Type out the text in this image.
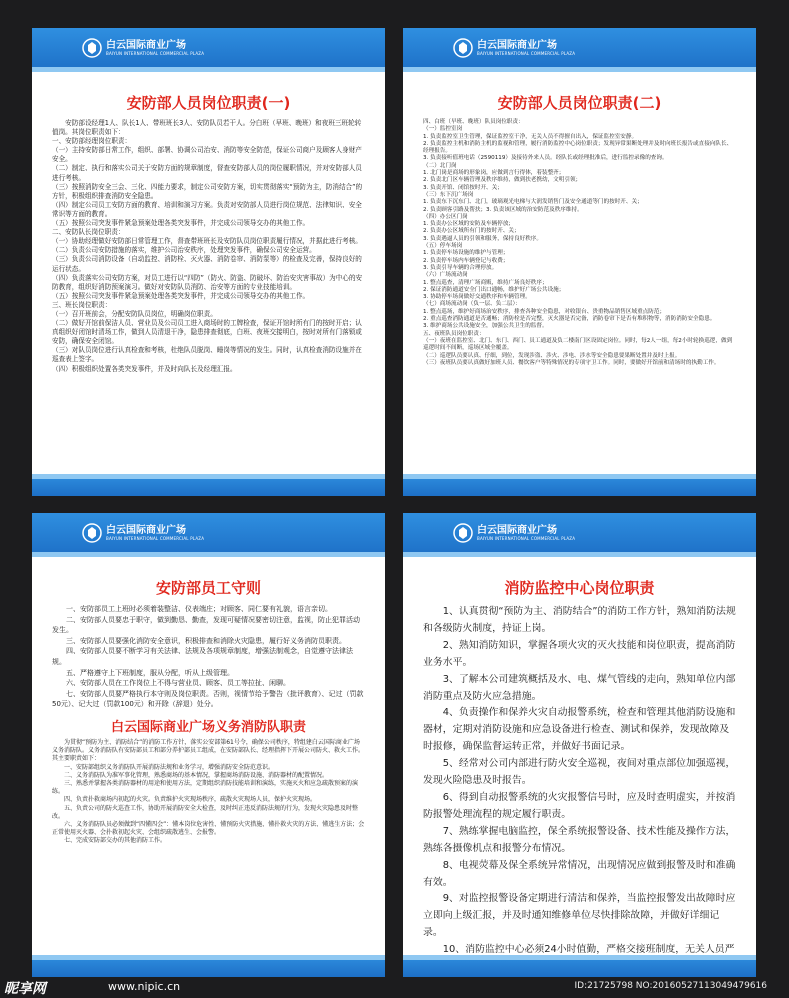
白云国际商业广场
BAIYUN INTERNATIONAL COMMERCIAL PLAZA
安防部人员岗位职责(一)
　　安防部设经理1人、队长1人、带班班长3人、安防队员若干人。分白班（早班、晚班）和夜班三班轮转值岗。其岗位职责如下：
一、安防部经理岗位职责：
（一）主持安防部日常工作，组织、部署、协调公司治安、消防等安全防范，保证公司商户及顾客人身财产安全。
（二）制定、执行和落实公司关于安防方面的规章制度，督查安防部人员的岗位履职情况，并对安防部人员进行考核。
（三）按照消防安全三会、三化、四能力要求，制定公司安防方案，切实贯彻落实“预防为主，防消结合”的方针，积极组织排查消防安全隐患。
（四）制定公司员工安防方面的教育、培训和演习方案。负责对安防部人员进行岗位规范、法律知识、安全常识等方面的教育。
（五）按照公司突发事件紧急预案处理各类突发事件，并完成公司领导交办的其他工作。
二、安防队长岗位职责：
（一）协助经理做好安防部日常管理工作，督查带班班长及安防队员岗位职责履行情况，并据此进行考核。
（二）负责公司安防措施的落实，维护公司治安秩序，处理突发事件，确保公司安全运营。
（三）负责公司消防设备（自动监控、消防栓、灭火器、消防卷帘、消防泵等）的检查及完善，保持良好的运行状态。
（四）负责落实公司安防方案，对员工进行以“四防”（防火、防盗、防破坏、防治安灾害事故）为中心的安防教育，组织好消防预案演习。做好对安防队员消防、治安等方面的专业技能培训。
（五）按照公司突发事件紧急预案处理各类突发事件，并完成公司领导交办的其他工作。
三、班长岗位职责：
（一）召开班前会，分配安防队员岗位，明确岗位职责。
（二）做好开馆前保洁人员、营业员及公司员工进入商场时的工牌检查，保证开馆时所有门的按时开启；认真组织好闭馆时清场工作，做到人员清退干净，隐患排查彻底，白班、夜班交接明白，按时对所有门落锁或安防，确保安全闭馆。
（三）对队员岗位进行认真检查和考核，杜绝队员脱岗、睡岗等情况的发生。同时，认真检查消防设施并在巡查表上签字。
（四）积极组织处置各类突发事件，并及时向队长及经理汇报。
白云国际商业广场
BAIYUN INTERNATIONAL COMMERCIAL PLAZA
安防部人员岗位职责(二)
四、白班（早班、晚班）队员岗位职责：
（一）监控室岗
1. 负责监控室卫生管理，保证监控室干净，无关人员不得擅自出入，保证监控室安静。
2. 负责监控主机和消防主机的监视和管理，履行消防监控中心岗位职责；发现异常果断处理并及时向班长报告或直接向队长、经理报告。
3. 负责接听值班电话（2590119）及接待外来人员。经队长或经理批准后，进行监控录像的查询。
（二）北门岗
1. 北门岗是商场的形象岗，应做到言行得体，着装整齐；
2. 负责北门区车辆管理及秩序维持，做到扶老携幼，文明引领；
3. 负责开馆、闭馆按时开、关；
（三）东下沉广场岗
1. 负责东下沉东门、北门，玻璃观光电梯与大润发销售门及安全通道等门的按时开、关；
2. 负责顾客引路及帮扶；3. 负责该区域的治安防范及秩序维持。
（四）办公区门岗
1. 负责办公区域的安防及车辆停放；
2. 负责办公区域所有门的按时开、关；
3. 负责遇逼人员的引领和服务，保持良好秩序。
（五）停车场岗
1. 负责停车场设施的维护与管理；
2. 负责停车场内车辆登记与收费；
3. 负责引导车辆的合理停放。
（六）广场流动岗
1. 整点巡查，清理广场商贩，维持广场良好秩序；
2. 保证消防通道安全门出口通畅，维护好广场公共设施；
3. 协助停车场岗做好交通秩序和车辆管理。
（七）商场流动岗（负一层、负二层）：
1. 整点巡场，维护好商场治安秩序，排查各种安全隐患，对收银台、贵重物品销售区域重点防范；
2. 重点巡查消防通道是否通畅；消防栓是否完整，灭火器是否完备，消防卷帘下是否有堆积物等，消防消防安全隐患。
3. 维护商场公共设施安全，加强公共卫生的监督。
五、夜班队员岗位职责：
（一）夜班在监控室、北门、东门、西门、员工通道及负二楼南门区设固定岗位。同时，每2人一组，每2小时轮换巡逻，做到巡逻时间不间断，巡场区域全覆盖。
（二）巡逻队员要认真、仔细，到位，发现涉盗、涉火、涉电、涉水等安全隐患要果断处置并及时上报。
（三）夜班队员要认真做好加班人员、餐饮客户等特殊情况的专项守卫工作。同时，要做好开馆前和清场时的执勤工作。
白云国际商业广场
BAIYUN INTERNATIONAL COMMERCIAL PLAZA
安防部员工守则
　　一、安防部员工上班时必须着装整洁、仪表端庄；对顾客、同仁要有礼貌，语言亲切。
　　二、安防部人员要忠于职守，做到勤恳、勤查，发现可疑情况要密切注意，监视，防止犯罪活动发生。
　　三、安防部人员要强化消防安全意识，积极排查和消除火灾隐患，履行好义务消防员职责。
　　四、安防部人员要不断学习有关法律、法规及各项规章制度，增强法制观念，自觉遵守法律法规。
　　五、严格遵守上下班制度，服从分配，听从上级管理。
　　六、安防部人员在工作岗位上不得与营业员、顾客、员工等拉扯、闲聊。
　　七、安防部人员要严格执行本守则及岗位职责。否则，视情节给予警告（批评教育）、记过（罚款50元）、记大过（罚款100元）和开除（辞退）处分。
白云国际商业广场义务消防队职责
　　为贯彻“预防为主、消防结合”的消防工作方针，落实公安部第61号令，确保公司秩序，特组建白云国际商业广场义务消防队。义务消防队有安防部员工和部分养护部员工组成，在安防部队长、经理指挥下开展公司防火、救火工作。其主要职责如下：
　　一、安防部组织义务消防队开展消防法规和业务学习，增强消防安全防范意识。
　　二、义务消防队为准军事化管理，熟悉商场的基本情况，掌握商场消防设施、消防器材的配置情况。
　　三、熟悉并掌握各类消防器材的用途和使用方法，定期组织消防技能培训和演练，实施灭火和应急疏散预案的演练。
　　四、负责扑救商场内初起的火灾。负责维护火灾现场秩序，疏散火灾现场人员，保护火灾现场。
　　五、负责公司的防火巡查工作，协助开展消防安全大检查，及时纠正违反消防法规的行为，发现火灾隐患及时整改。
　　六、义务消防队员必须做到“四懂四会”：懂本岗位危害性、懂预防火灾措施、懂扑救火灾的方法、懂逃生方法；会正常使用灭火器、会扑救初起火灾、会组织疏散逃生、会报警。
　　七、完成安防部交办的其他消防工作。
白云国际商业广场
BAIYUN INTERNATIONAL COMMERCIAL PLAZA
消防监控中心岗位职责
　　1、认真贯彻“预防为主、消防结合”的消防工作方针，熟知消防法规和各级防火制度，持证上岗。
　　2、熟知消防知识，掌握各项火灾的灭火技能和岗位职责，提高消防业务水平。
　　3、了解本公司建筑概括及水、电、煤气管线的走向，熟知单位内部消防重点及防火应急措施。
　　4、负责操作和保养火灾自动报警系统，检查和管理其他消防设施和器材，定期对消防设施和应急设备进行检查、测试和保养，发现故障及时报修，确保监督运转正常，并做好书面记录。
　　5、经常对公司内部进行防火安全巡视，夜间对重点部位加强巡视，发现火险隐患及时报告。
　　6、得到自动报警系统的火灾报警信号时，应及时查明虚实，并按消防报警处理流程的规定履行职责。
　　7、熟练掌握电脑监控，保全系统报警设备、技术性能及操作方法，熟练各摄像机点和报警分布情况。
　　8、电视荧幕及保全系统异常情况，出现情况应做到报警及时和准确有效。
　　9、对监控报警设备定期进行清洁和保养，当监控报警发出故障时应立即向上级汇报，并及时通知维修单位尽快排除故障，并做好详细记录。
　　10、消防监控中心必须24小时值勤，严格交接班制度，无关人员严
昵享网	www.nipic.cn	ID:21725798 NO:20160527113049479616
